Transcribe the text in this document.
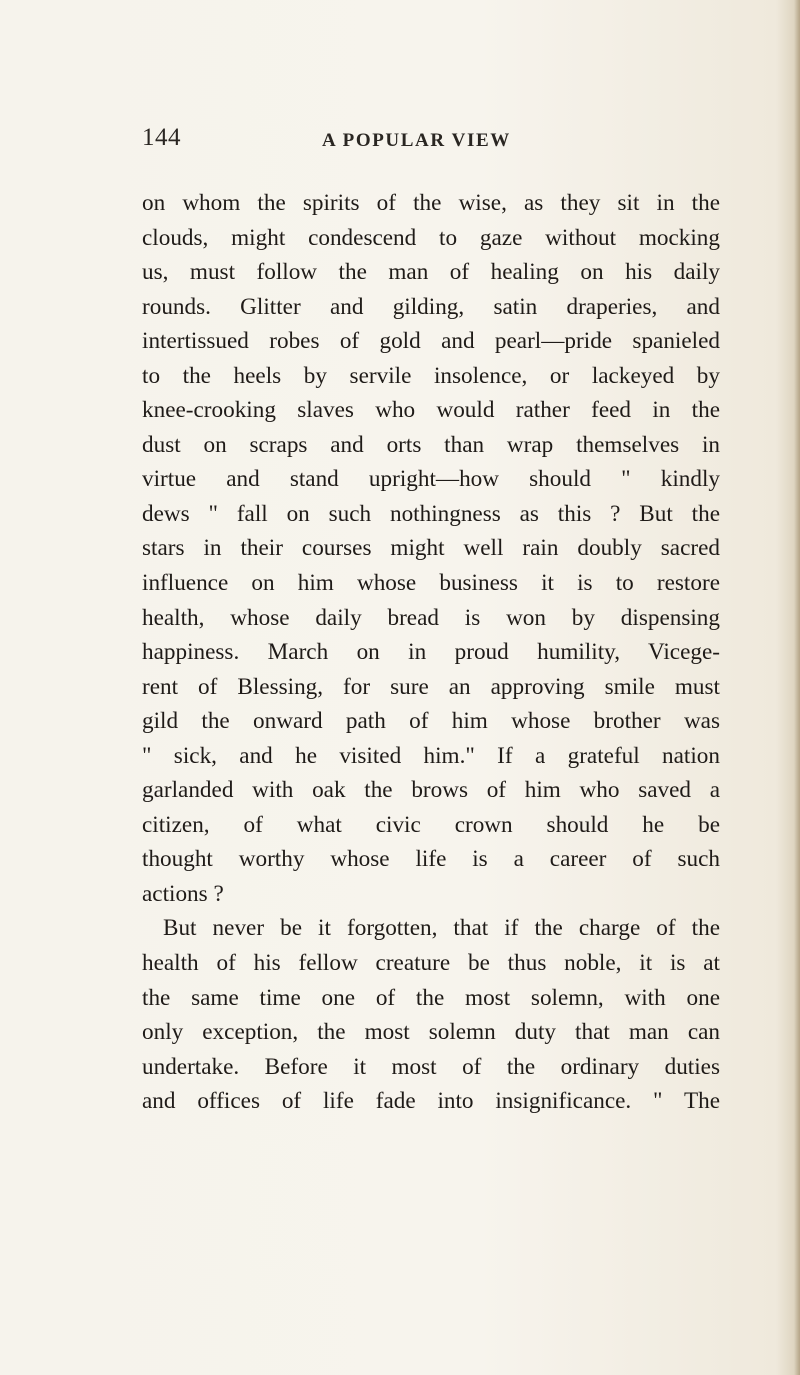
144	A POPULAR VIEW
on whom the spirits of the wise, as they sit in the
clouds, might condescend to gaze without mocking
us, must follow the man of healing on his daily
rounds. Glitter and gilding, satin draperies, and
intertissued robes of gold and pearl—pride spanieled
to the heels by servile insolence, or lackeyed by
knee-crooking slaves who would rather feed in the
dust on scraps and orts than wrap themselves in
virtue and stand upright—how should " kindly
dews " fall on such nothingness as this ? But the
stars in their courses might well rain doubly sacred
influence on him whose business it is to restore
health, whose daily bread is won by dispensing
happiness. March on in proud humility, Vicege-
rent of Blessing, for sure an approving smile must
gild the onward path of him whose brother was
" sick, and he visited him." If a grateful nation
garlanded with oak the brows of him who saved a
citizen, of what civic crown should he be
thought worthy whose life is a career of such
actions ?
But never be it forgotten, that if the charge of the
health of his fellow creature be thus noble, it is at
the same time one of the most solemn, with one
only exception, the most solemn duty that man can
undertake. Before it most of the ordinary duties
and offices of life fade into insignificance. " The
